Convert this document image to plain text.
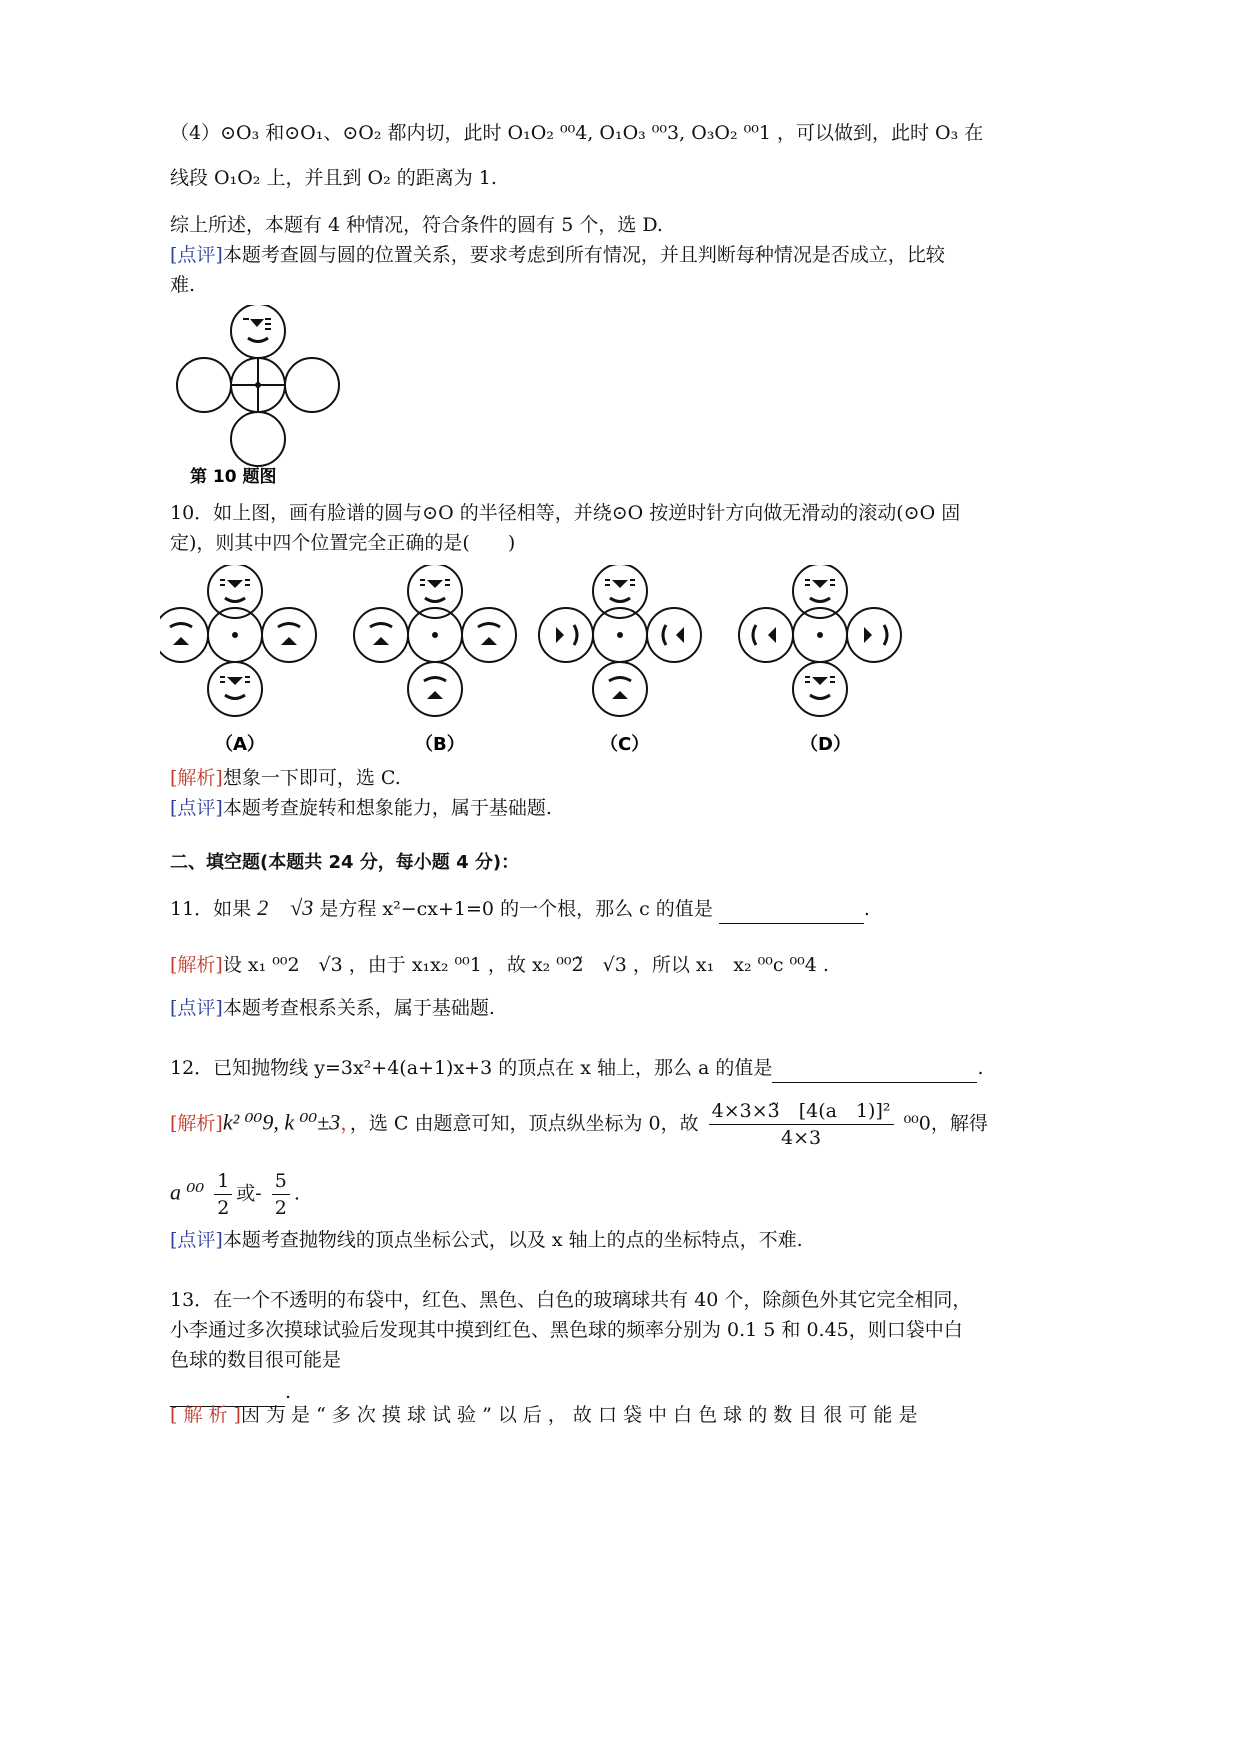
（4）⊙O₃ 和⊙O₁、⊙O₂ 都内切，此时 O₁O₂ ⁰⁰4, O₁O₃ ⁰⁰3, O₃O₂ ⁰⁰1 ，可以做到，此时 O₃ 在
线段 O₁O₂ 上，并且到 O₂ 的距离为 1.
综上所述，本题有 4 种情况，符合条件的圆有 5 个，选 D.
[点评]本题考查圆与圆的位置关系，要求考虑到所有情况，并且判断每种情况是否成立，比较
难.
第 10 题图
10．如上图，画有脸谱的圆与⊙O 的半径相等，并绕⊙O 按逆时针方向做无滑动的滚动(⊙O 固
定)，则其中四个位置完全正确的是(　　)
（A）	（B）	（C）	（D）
[解析]想象一下即可，选 C.
[点评]本题考查旋转和想象能力，属于基础题.
二、填空题(本题共 24 分，每小题 4 分)：
11．如果 2　√3 是方程 x²−cx+1=0 的一个根，那么 c 的值是	.
[解析]设 x₁ ⁰⁰2　√3 ，由于 x₁x₂ ⁰⁰1 ，故 x₂ ⁰⁰2̃　√3 ，所以 x₁　x₂ ⁰⁰c ⁰⁰4 .
[点评]本题考查根系关系，属于基础题.
12．已知抛物线 y=3x²+4(a+1)x+3 的顶点在 x 轴上，那么 a 的值是	.
[解析]k² ⁰⁰9, k ⁰⁰±3，，选 C 由题意可知，顶点纵坐标为 0，故 $\frac{\text{4×3×3̃　[4(a　1)]²}}{4\times 3} ^{00}0$，解得
a $^{00} \frac{1}{2}$ 或- $\frac{5}{2}$ .
[点评]本题考查抛物线的顶点坐标公式，以及 x 轴上的点的坐标特点，不难.
13．在一个不透明的布袋中，红色、黑色、白色的玻璃球共有 40 个，除颜色外其它完全相同，
小李通过多次摸球试验后发现其中摸到红色、黑色球的频率分别为 0.1 5 和 0.45，则口袋中白
色球的数目很可能是
.
[ 解 析 ]因 为 是 “ 多 次 摸 球 试 验 ” 以 后 ， 故 口 袋 中 白 色 球 的 数 目 很 可 能 是
